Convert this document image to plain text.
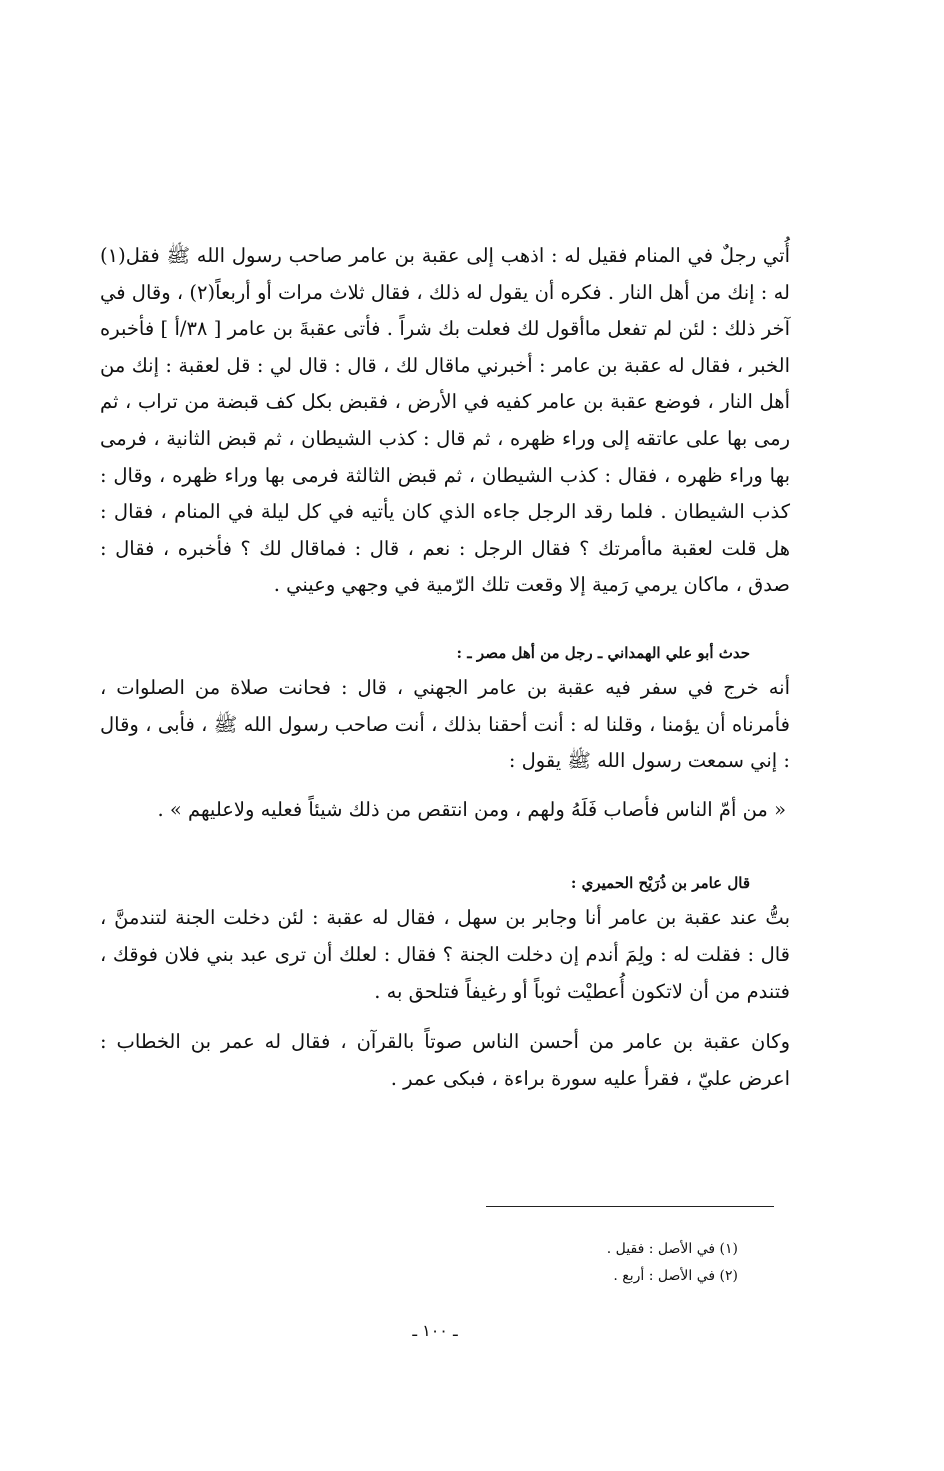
أُتي رجلٌ في المنام فقيل له : اذهب إلى عقبة بن عامر صاحب رسول الله ﷺ فقل(١) له : إنك من أهل النار . فكره أن يقول له ذلك ، فقال ثلاث مرات أو أربعاً(٢) ، وقال في آخر ذلك : لئن لم تفعل ماأقول لك فعلت بك شراً . فأتى عقبةَ بن عامر [ ٣٨/أ ] فأخبره الخبر ، فقال له عقبة بن عامر : أخبرني ماقال لك ، قال : قال لي : قل لعقبة : إنك من أهل النار ، فوضع عقبة بن عامر كفيه في الأرض ، فقبض بكل كف قبضة من تراب ، ثم رمى بها على عاتقه إلى وراء ظهره ، ثم قال : كذب الشيطان ، ثم قبض الثانية ، فرمى بها وراء ظهره ، فقال : كذب الشيطان ، ثم قبض الثالثة فرمى بها وراء ظهره ، وقال : كذب الشيطان . فلما رقد الرجل جاءه الذي كان يأتيه في كل ليلة في المنام ، فقال : هل قلت لعقبة ماأمرتك ؟ فقال الرجل : نعم ، قال : فماقال لك ؟ فأخبره ، فقال : صدق ، ماكان يرمي رَمية إلا وقعت تلك الرّمية في وجهي وعيني .

حدث أبو علي الهمداني ـ رجل من أهل مصر ـ :

أنه خرج في سفر فيه عقبة بن عامر الجهني ، قال : فحانت صلاة من الصلوات ، فأمرناه أن يؤمنا ، وقلنا له : أنت أحقنا بذلك ، أنت صاحب رسول الله ﷺ ، فأبى ، وقال : إني سمعت رسول الله ﷺ يقول :

« من أمّ الناس فأصاب فَلَهُ ولهم ، ومن انتقص من ذلك شيئاً فعليه ولاعليهم » .

قال عامر بن ذُرَيْح الحميري :

بتُّ عند عقبة بن عامر أنا وجابر بن سهل ، فقال له عقبة : لئن دخلت الجنة لتندمنَّ ، قال : فقلت له : ولِمَ أندم إن دخلت الجنة ؟ فقال : لعلك أن ترى عبد بني فلان فوقك ، فتندم من أن لاتكون أُعطيْت ثوباً أو رغيفاً فتلحق به .

وكان عقبة بن عامر من أحسن الناس صوتاً بالقرآن ، فقال له عمر بن الخطاب : اعرض عليّ ، فقرأ عليه سورة براءة ، فبكى عمر .

(١) في الأصل : فقيل .
(٢) في الأصل : أربع .
ـ ١٠٠ ـ
